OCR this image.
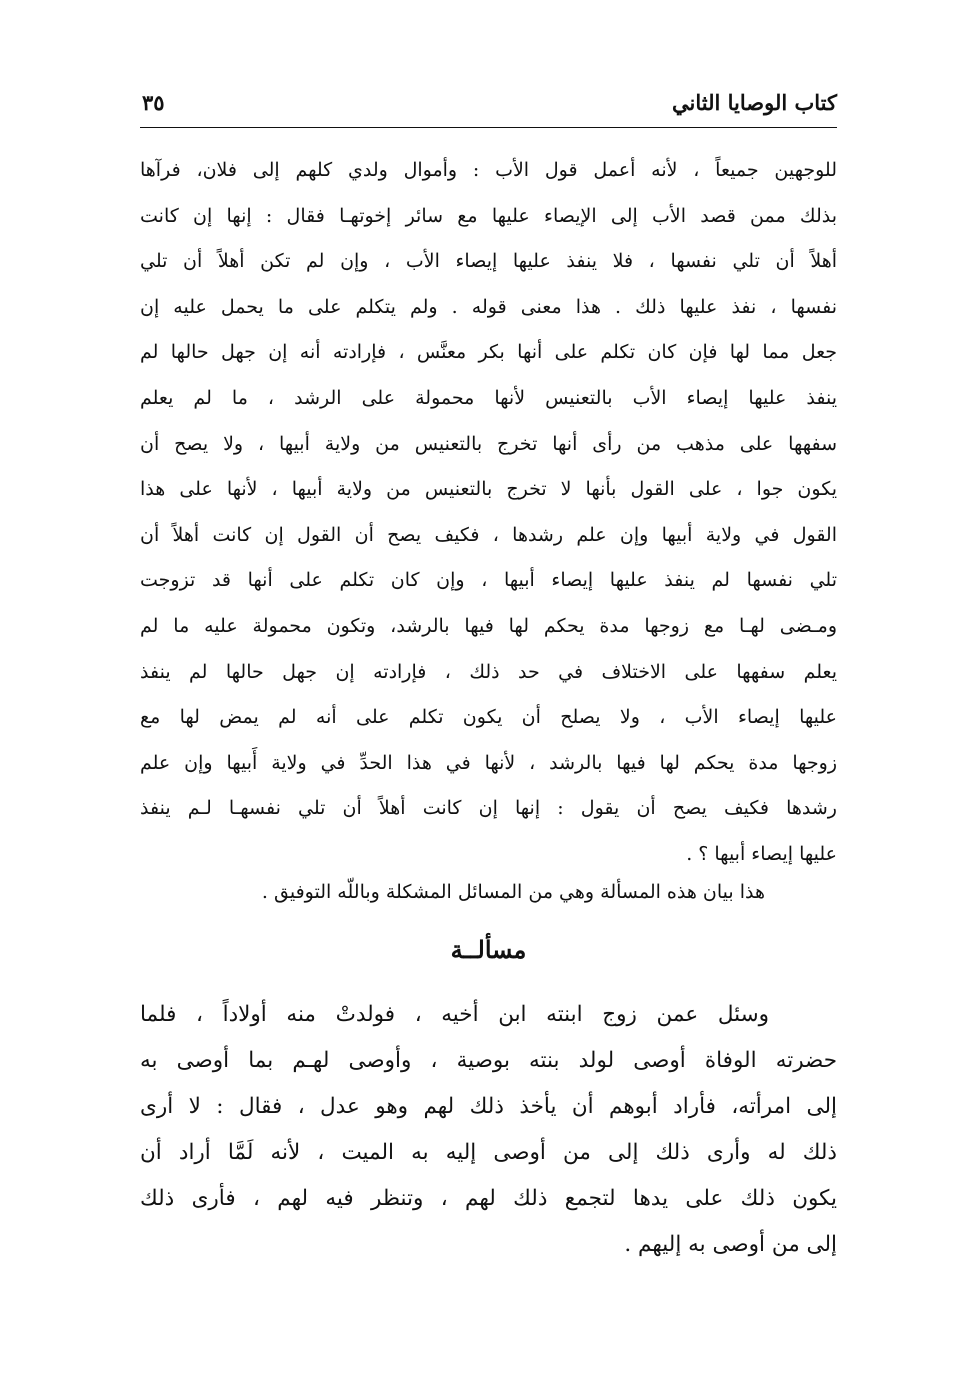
كتاب الوصايا الثاني
٣٥
للوجهين جميعاً ، لأنه أعمل قول الأب : وأموال ولدي كلهم إلى فلان، فرآها
بذلك ممن قصد الأب إلى الإيصاء عليها مع سائر إخوتهـا فقال : إنها إن كانت
أهلاً أن تلي نفسها ، فلا ينفذ عليها إيصاء الأب ، وإن لم تكن أهلاً أن تلي
نفسها ، نفذ عليها ذلك . هذا معنى قوله . ولم يتكلم على ما يحمل عليه إن
جعل مما لها فإن كان تكلم على أنها بكر معنَّس ، فإرادته أنه إن جهل حالها لم
ينفذ عليها إيصاء الأب بالتعنيس لأنها محمولة على الرشد ، ما لم يعلم
سفهها على مذهب من رأى أنها تخرج بالتعنيس من ولاية أبيها ، ولا يصح أن
يكون جوا ، على القول بأنها لا تخرج بالتعنيس من ولاية أبيها ، لأنها على هذا
القول في ولاية أبيها وإن علم رشدها ، فكيف يصح أن القول إن كانت أهلاً أن
تلي نفسها لم ينفذ عليها إيصاء أبيها ، وإن كان تكلم على أنها قد تزوجت
ومـضى لهـا مع زوجها مدة يحكم لها فيها بالرشد، وتكون محمولة عليه ما لم
يعلم سفهها على الاختلاف في حد ذلك ، فإرادته إن جهل حالها لم ينفذ
عليها إيصاء الأب ، ولا يصلح أن يكون تكلم على أنه لم يمض لها مع
زوجها مدة يحكم لها فيها بالرشد ، لأنها في هذا الحدِّ في ولاية أَبيها وإن علم
رشدها فكيف يصح أن يقول : إنها إن كانت أهلاً أن تلي نفسهـا لـم ينفذ
عليها إيصاء أبيها ؟ .
هذا بيان هذه المسألة وهي من المسائل المشكلة وباللّه التوفيق .
مسألــة
وسئل عمن زوج ابنته ابن أخيه ، فولدتْ منه أولاداً ، فلما
حضرته الوفاة أوصى لولد بنته بوصية ، وأوصى لهـم بما أوصى به
إلى امرأته، فأراد أبوهم أن يأخذ ذلك لهم وهو عدل ، فقال : لا أرى
ذلك له وأرى ذلك إلى من أوصى إليه به الميت ، لأنه لَمَّا أراد أن
يكون ذلك على يدها لتجمع ذلك لهم ، وتنظر فيه لهم ، فأرى ذلك
إلى من أوصى به إليهم .
